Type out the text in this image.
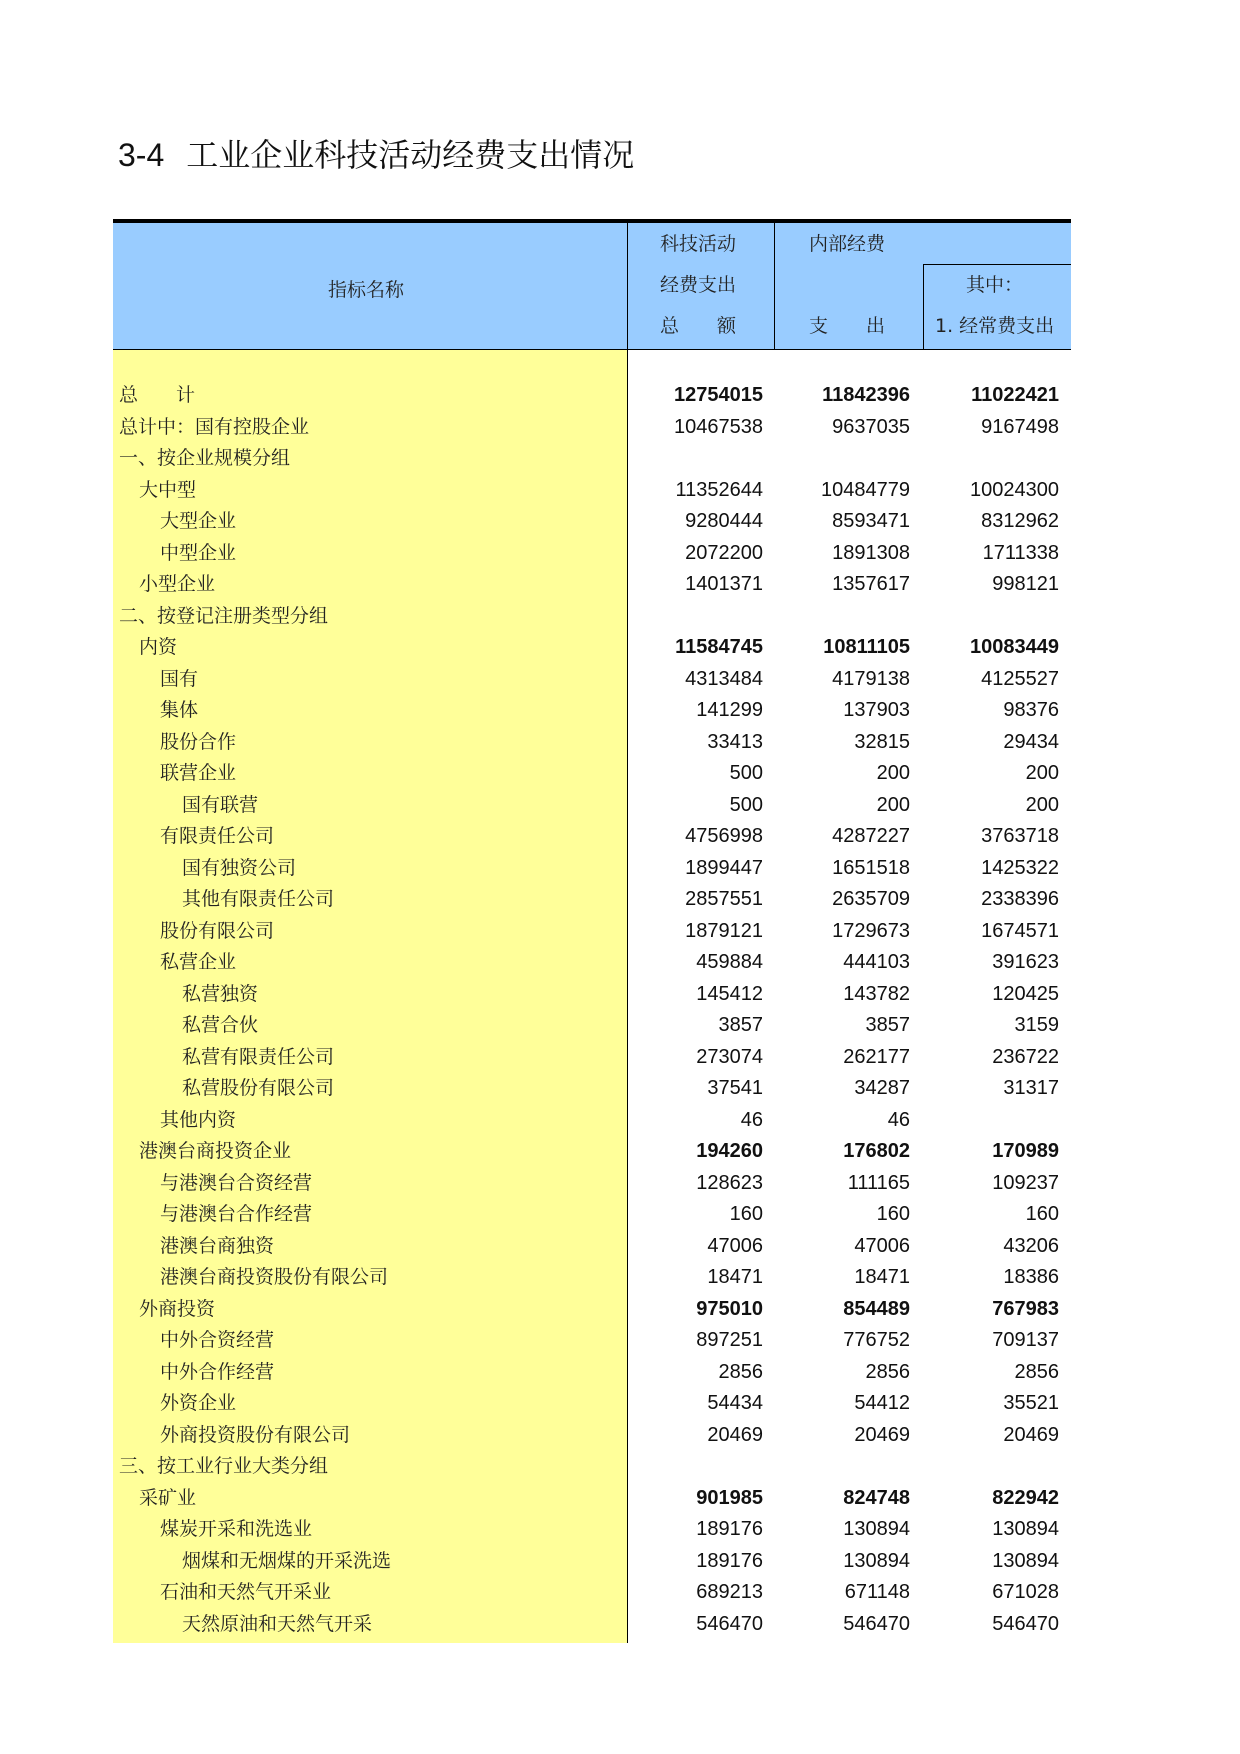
3-4 工业企业科技活动经费支出情况
指标名称
科技活动
经费支出
总　　额
内部经费
支　　出
其中：
1. 经常费支出
总　　计	12754015	11842396	11022421
总计中：国有控股企业	10467538	9637035	9167498
一、按企业规模分组
大中型	11352644	10484779	10024300
大型企业	9280444	8593471	8312962
中型企业	2072200	1891308	1711338
小型企业	1401371	1357617	998121
二、按登记注册类型分组
内资	11584745	10811105	10083449
国有	4313484	4179138	4125527
集体	141299	137903	98376
股份合作	33413	32815	29434
联营企业	500	200	200
国有联营	500	200	200
有限责任公司	4756998	4287227	3763718
国有独资公司	1899447	1651518	1425322
其他有限责任公司	2857551	2635709	2338396
股份有限公司	1879121	1729673	1674571
私营企业	459884	444103	391623
私营独资	145412	143782	120425
私营合伙	3857	3857	3159
私营有限责任公司	273074	262177	236722
私营股份有限公司	37541	34287	31317
其他内资	46	46
港澳台商投资企业	194260	176802	170989
与港澳台合资经营	128623	111165	109237
与港澳台合作经营	160	160	160
港澳台商独资	47006	47006	43206
港澳台商投资股份有限公司	18471	18471	18386
外商投资	975010	854489	767983
中外合资经营	897251	776752	709137
中外合作经营	2856	2856	2856
外资企业	54434	54412	35521
外商投资股份有限公司	20469	20469	20469
三、按工业行业大类分组
采矿业	901985	824748	822942
煤炭开采和洗选业	189176	130894	130894
烟煤和无烟煤的开采洗选	189176	130894	130894
石油和天然气开采业	689213	671148	671028
天然原油和天然气开采	546470	546470	546470
